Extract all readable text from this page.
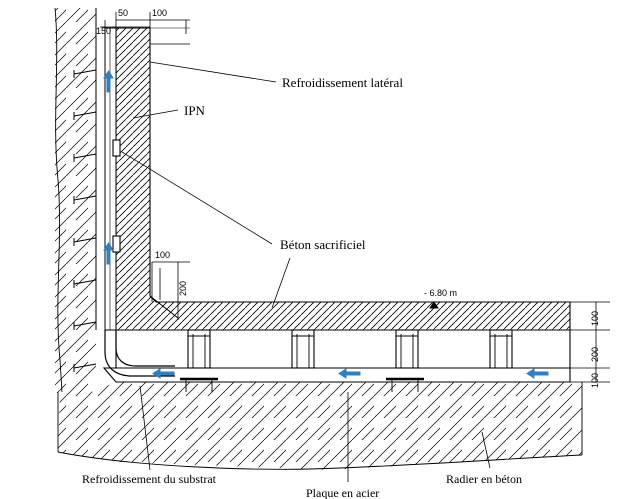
Refroidissement latéral
IPN
Béton sacrificiel
Refroidissement du substrat
Plaque en acier
Radier en béton
150
50	100
100
200
100
200
100
- 6.80 m
